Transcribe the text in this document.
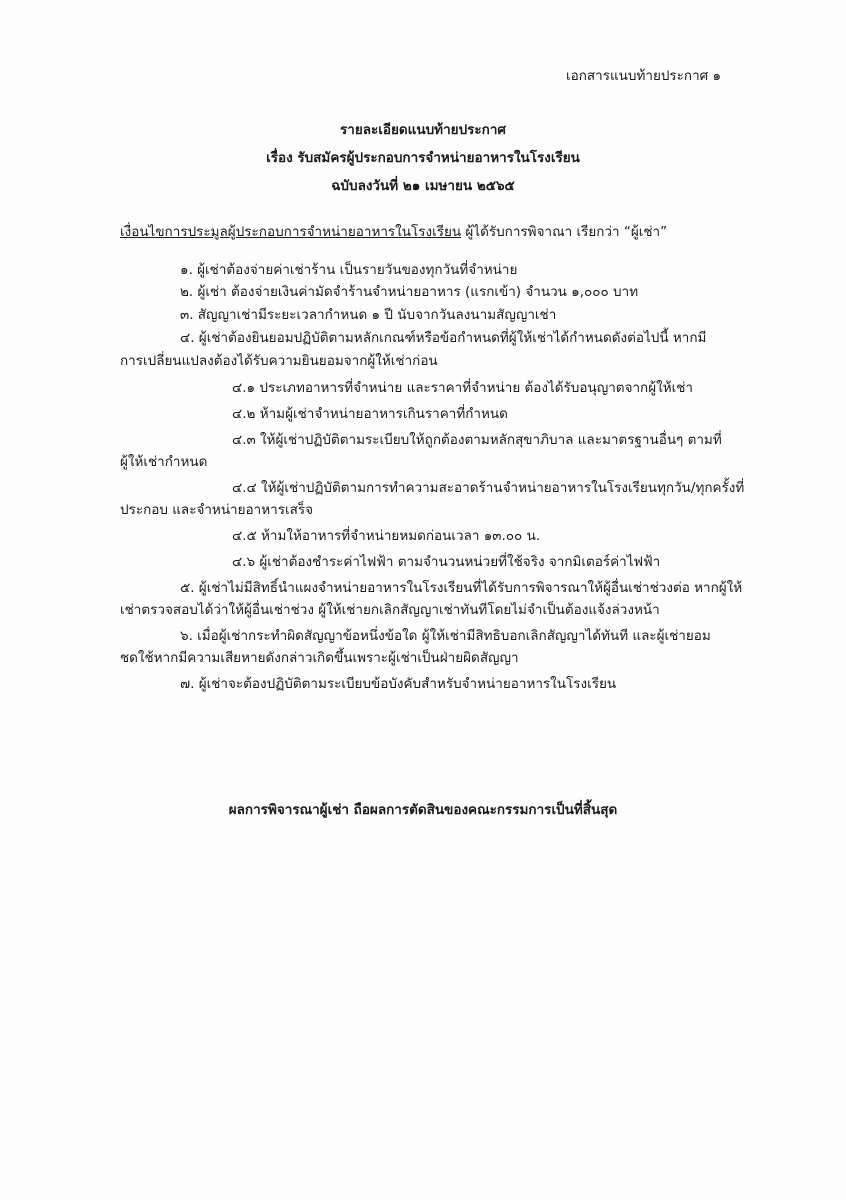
เอกสารแนบท้ายประกาศ ๑
รายละเอียดแนบท้ายประกาศ
เรื่อง รับสมัครผู้ประกอบการจำหน่ายอาหารในโรงเรียน
ฉบับลงวันที่ ๒๑ เมษายน ๒๕๖๕
เงื่อนไขการประมูลผู้ประกอบการจำหน่ายอาหารในโรงเรียน ผู้ได้รับการพิจาณา เรียกว่า “ผู้เช่า”
๑. ผู้เช่าต้องจ่ายค่าเช่าร้าน เป็นรายวันของทุกวันที่จำหน่าย
๒. ผู้เช่า ต้องจ่ายเงินค่ามัดจำร้านจำหน่ายอาหาร (แรกเข้า) จำนวน ๑,๐๐๐ บาท
๓. สัญญาเช่ามีระยะเวลากำหนด ๑ ปี นับจากวันลงนามสัญญาเช่า
๔. ผู้เช่าต้องยินยอมปฏิบัติตามหลักเกณฑ์หรือข้อกำหนดที่ผู้ให้เช่าได้กำหนดดังต่อไปนี้ หากมี
การเปลี่ยนแปลงต้องได้รับความยินยอมจากผู้ให้เช่าก่อน
๔.๑ ประเภทอาหารที่จำหน่าย และราคาที่จำหน่าย ต้องได้รับอนุญาตจากผู้ให้เช่า
๔.๒ ห้ามผู้เช่าจำหน่ายอาหารเกินราคาที่กำหนด
๔.๓ ให้ผู้เช่าปฏิบัติตามระเบียบให้ถูกต้องตามหลักสุขาภิบาล และมาตรฐานอื่นๆ ตามที่
ผู้ให้เช่ากำหนด
๔.๔ ให้ผู้เช่าปฏิบัติตามการทำความสะอาดร้านจำหน่ายอาหารในโรงเรียนทุกวัน/ทุกครั้งที่
ประกอบ และจำหน่ายอาหารเสร็จ
๔.๕ ห้ามให้อาหารที่จำหน่ายหมดก่อนเวลา ๑๓.๐๐ น.
๔.๖ ผู้เช่าต้องชำระค่าไฟฟ้า ตามจำนวนหน่วยที่ใช้จริง จากมิเตอร์ค่าไฟฟ้า
๕. ผู้เช่าไม่มีสิทธิ์นำแผงจำหน่ายอาหารในโรงเรียนที่ได้รับการพิจารณาให้ผู้อื่นเช่าช่วงต่อ หากผู้ให้
เช่าตรวจสอบได้ว่าให้ผู้อื่นเช่าช่วง ผู้ให้เช่ายกเลิกสัญญาเช่าทันทีโดยไม่จำเป็นต้องแจ้งล่วงหน้า
๖. เมื่อผู้เช่ากระทำผิดสัญญาข้อหนึ่งข้อใด ผู้ให้เช่ามีสิทธิบอกเลิกสัญญาได้ทันที และผู้เช่ายอม
ชดใช้หากมีความเสียหายดังกล่าวเกิดขึ้นเพราะผู้เช่าเป็นฝ่ายผิดสัญญา
๗. ผู้เช่าจะต้องปฏิบัติตามระเบียบข้อบังคับสำหรับจำหน่ายอาหารในโรงเรียน
ผลการพิจารณาผู้เช่า ถือผลการตัดสินของคณะกรรมการเป็นที่สิ้นสุด
